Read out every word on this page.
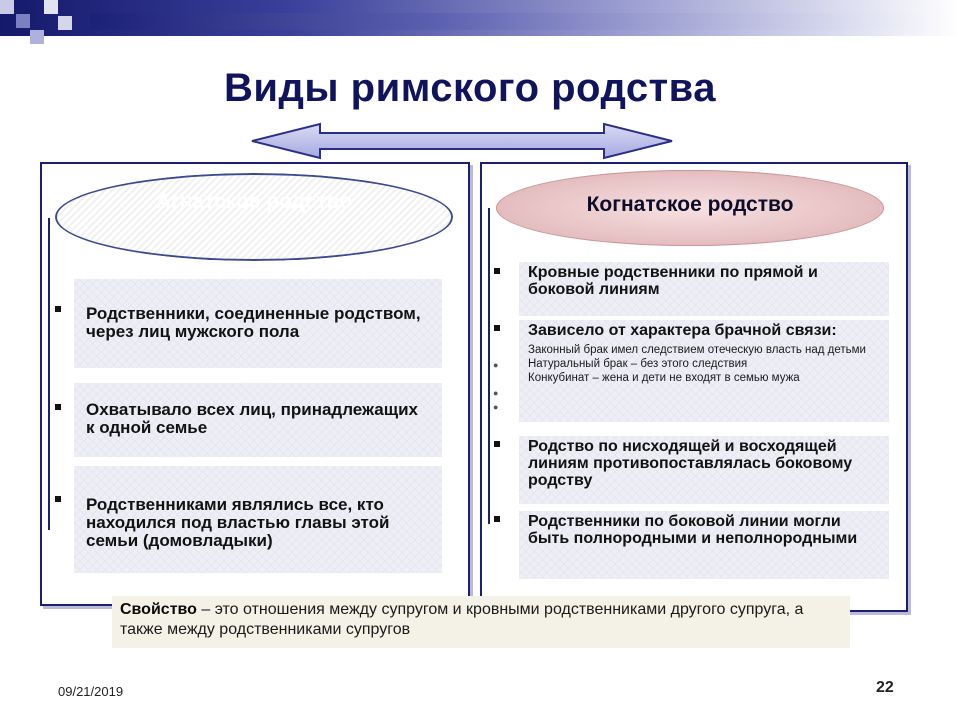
Виды римского родства
Агнатское родство
Родственники, соединенные родством, через лиц мужского пола
Охватывало всех лиц, принадлежащих к одной семье
Родственниками являлись все, кто находился под властью главы этой семьи (домовладыки)
Когнатское родство
Кровные родственники по прямой и боковой линиям
Зависело от характера брачной связи:
Законный брак имел следствием отеческую власть над детьми
Натуральный брак – без этого следствия
Конкубинат – жена и дети не входят в семью мужа
●
●
●
Родство по нисходящей и восходящей линиям противопоставлялась боковому родству
Родственники по боковой линии могли быть полнородными и неполнородными
Свойство – это отношения между супругом и кровными родственниками другого супруга, а также между родственниками супругов
09/21/2019	22
